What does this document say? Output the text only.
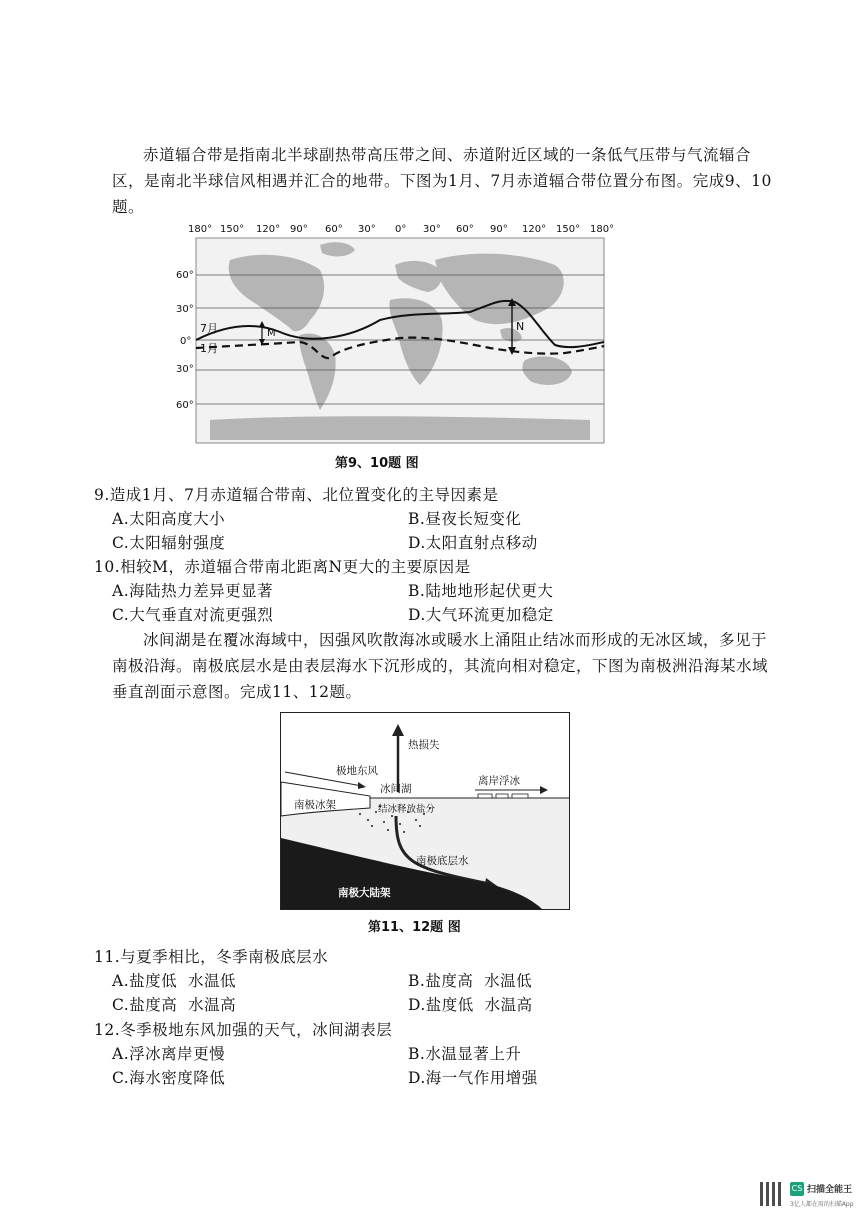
赤道辐合带是指南北半球副热带高压带之间、赤道附近区域的一条低气压带与气流辐合区，是南北半球信风相遇并汇合的地带。下图为1月、7月赤道辐合带位置分布图。完成9、10题。
180° 150° 120° 90° 60° 30° 0° 30° 60° 90° 120° 150° 180°
60°
30°
0°
30°
60°
M
N
7月
1月
第9、10题 图
9.造成1月、7月赤道辐合带南、北位置变化的主导因素是
A.太阳高度大小	B.昼夜长短变化
C.太阳辐射强度	D.太阳直射点移动
10.相较M，赤道辐合带南北距离N更大的主要原因是
A.海陆热力差异更显著	B.陆地地形起伏更大
C.大气垂直对流更强烈	D.大气环流更加稳定
冰间湖是在覆冰海域中，因强风吹散海冰或暖水上涌阻止结冰而形成的无冰区域，多见于南极沿海。南极底层水是由表层海水下沉形成的，其流向相对稳定，下图为南极洲沿海某水域垂直剖面示意图。完成11、12题。
热损失
极地东风
冰间湖
离岸浮冰
南极冰架	结冰释放盐分
南极底层水
南极大陆架
第11、12题 图
11.与夏季相比，冬季南极底层水
A.盐度低  水温低	B.盐度高  水温低
C.盐度高  水温高	D.盐度低  水温高
12.冬季极地东风加强的天气，冰间湖表层
A.浮冰离岸更慢	B.水温显著上升
C.海水密度降低	D.海一气作用增强
CS 扫描全能王
3亿人都在用的扫描App
